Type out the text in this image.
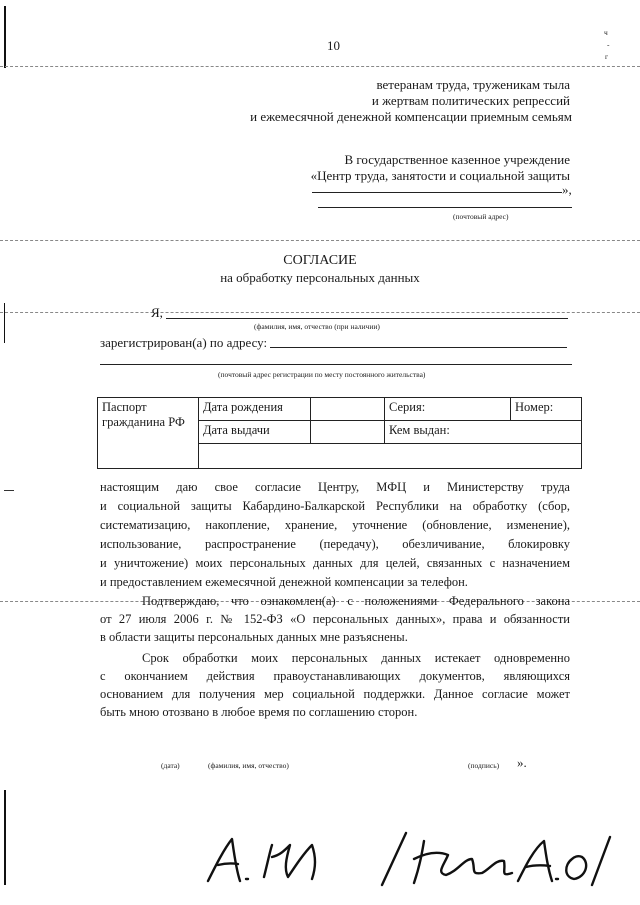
ч
-
г
10
ветеранам труда, труженикам тыла
и жертвам политических репрессий
и ежемесячной денежной компенсации приемным семьям
В государственное казенное учреждение
«Центр труда, занятости и социальной защиты
»,
(почтовый адрес)
СОГЛАСИЕ
на обработку персональных данных
Я,
(фамилия, имя, отчество (при наличии)
зарегистрирован(а) по адресу:
(почтовый адрес регистрации по месту постоянного жительства)
Паспорт
гражданина РФ	Дата рождения		Серия:	Номер:
	Дата выдачи		Кем выдан:	

настоящим даю свое согласие Центру, МФЦ и Министерству труда
и социальной защиты Кабардино-Балкарской Республики на обработку (сбор,
систематизацию, накопление, хранение, уточнение (обновление, изменение),
использование, распространение (передачу), обезличивание, блокировку
и уничтожение) моих персональных данных для целей, связанных с назначением
и предоставлением ежемесячной денежной компенсации за телефон.
Подтверждаю, что ознакомлен(а) с положениями Федерального закона
от 27 июля 2006 г. № 152-ФЗ «О персональных данных», права и обязанности
в области защиты персональных данных мне разъяснены.
Срок обработки моих персональных данных истекает одновременно
с окончанием действия правоустанавливающих документов, являющихся
основанием для получения мер социальной поддержки. Данное согласие может
быть мною отозвано в любое время по соглашению сторон.
(дата)	(фамилия, имя, отчество)	(подпись) ».
